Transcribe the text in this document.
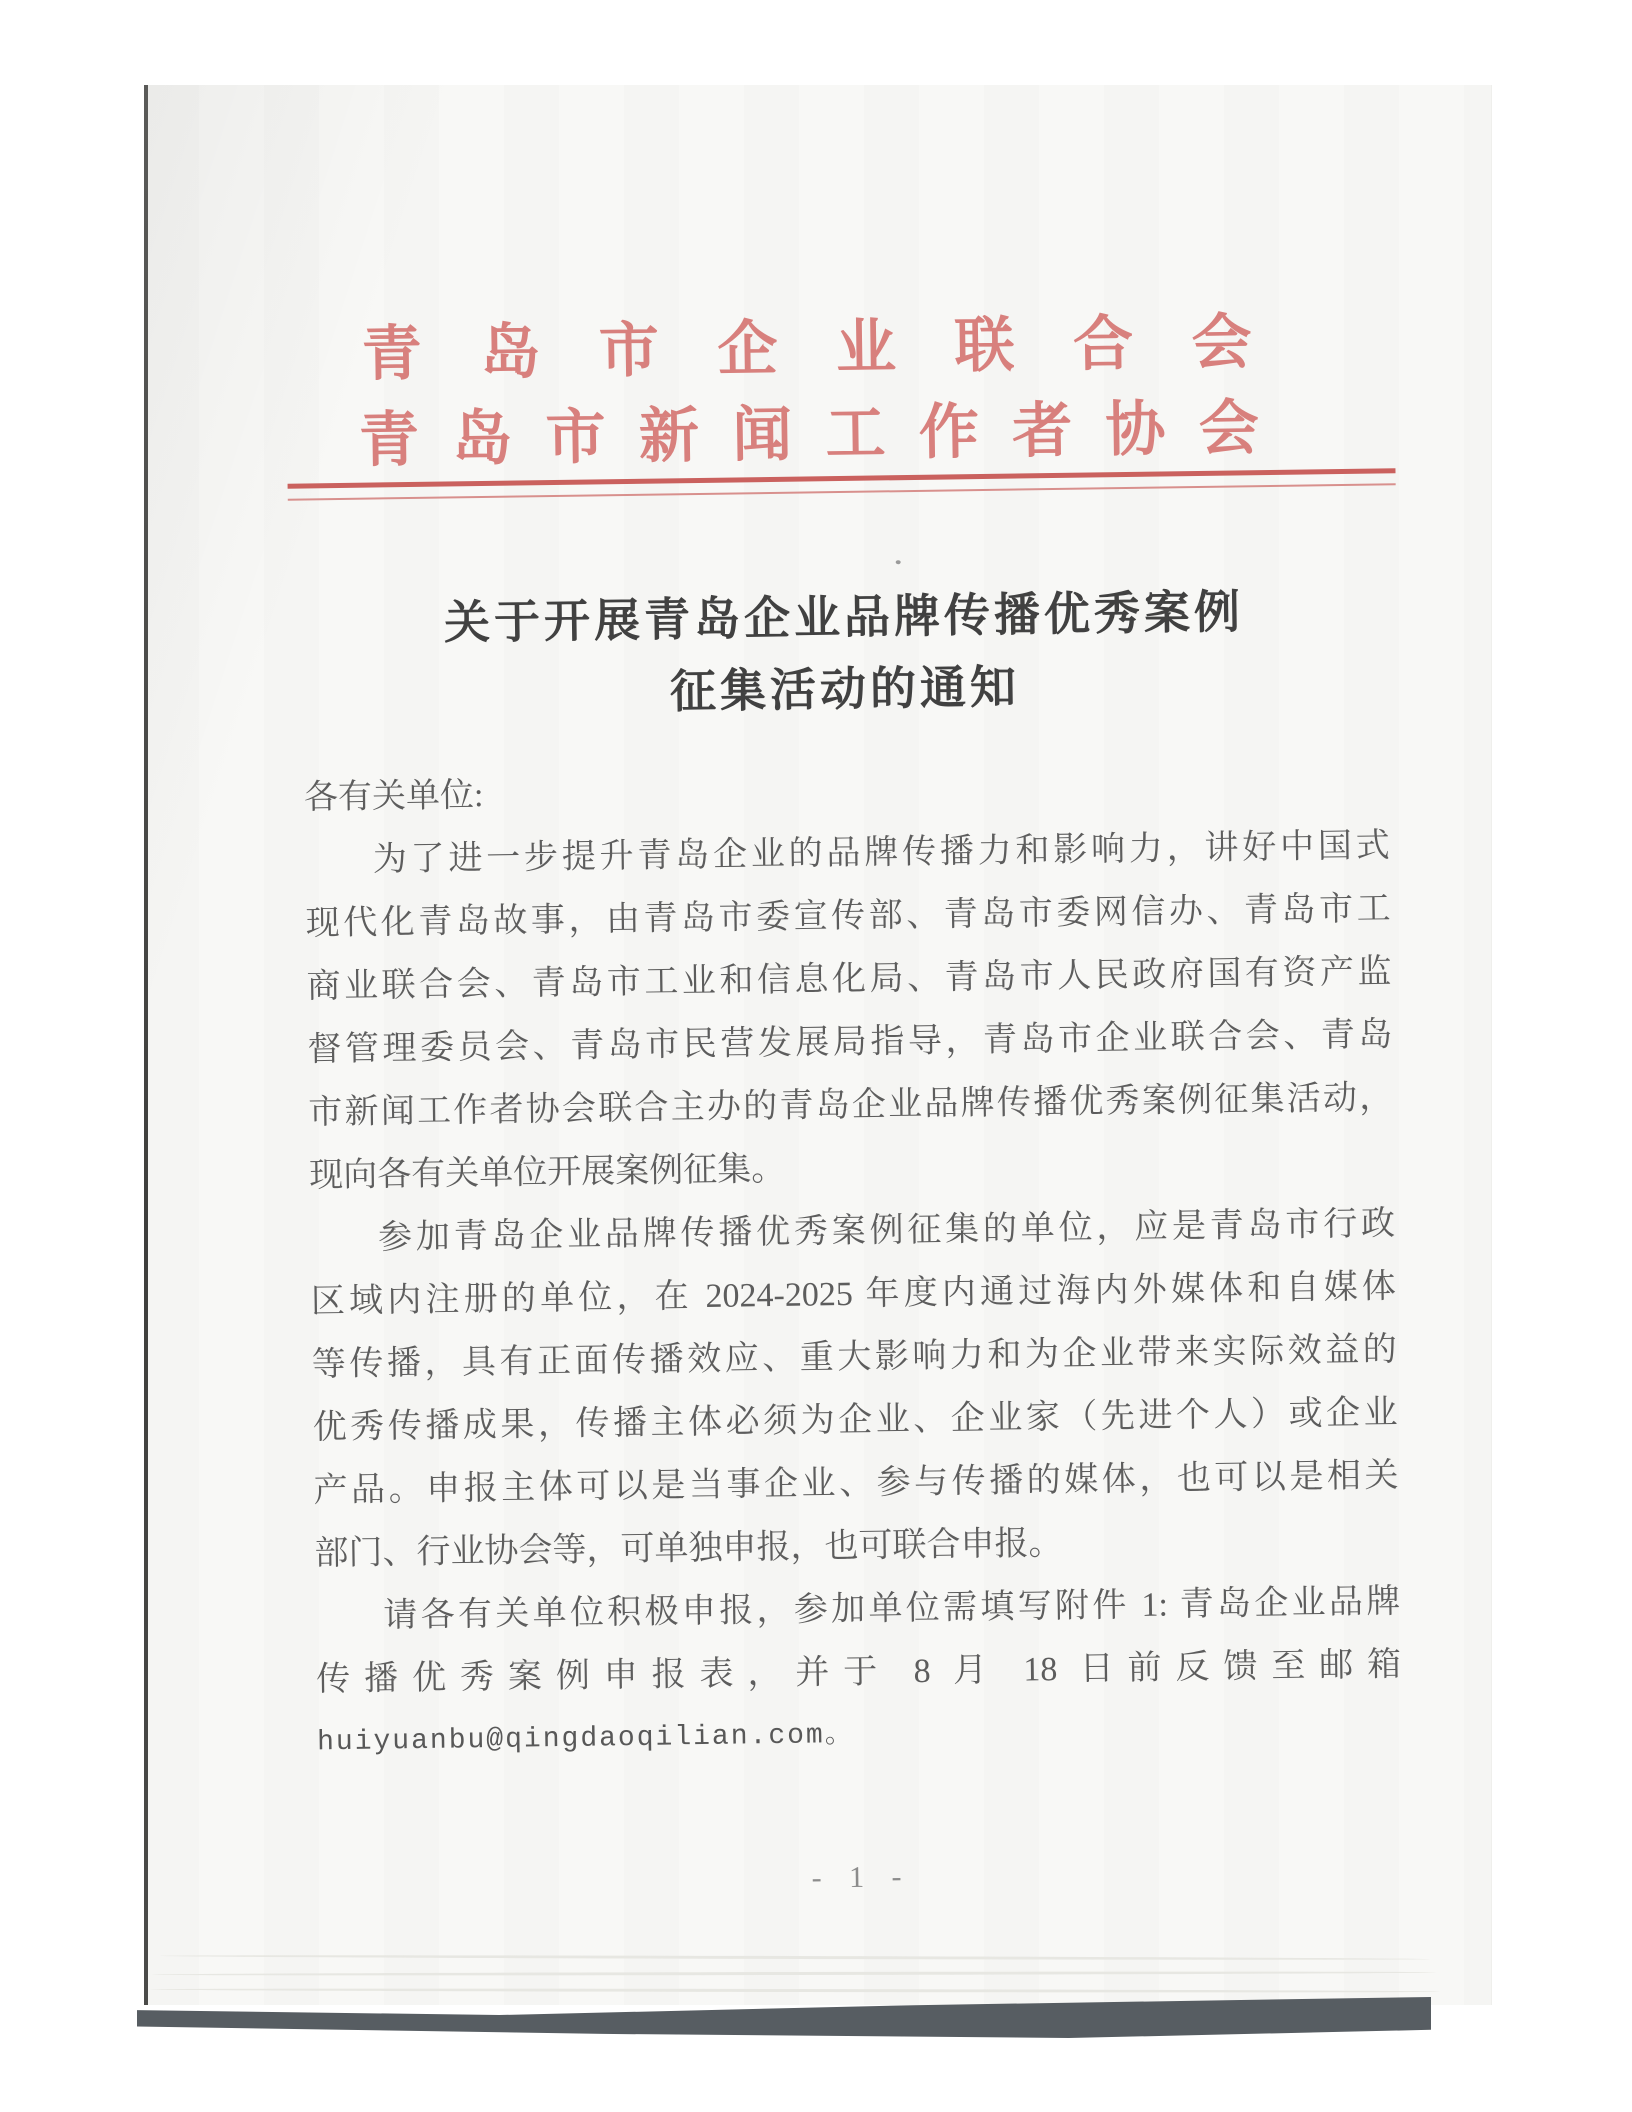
青 岛 市 企 业 联 合 会
青 岛 市 新 闻 工 作 者 协 会
关于开展青岛企业品牌传播优秀案例
征集活动的通知
各有关单位:
为了进一步提升青岛企业的品牌传播力和影响力，讲好中国式
现代化青岛故事，由青岛市委宣传部、青岛市委网信办、青岛市工
商业联合会、青岛市工业和信息化局、青岛市人民政府国有资产监
督管理委员会、青岛市民营发展局指导，青岛市企业联合会、青岛
市新闻工作者协会联合主办的青岛企业品牌传播优秀案例征集活动，
现向各有关单位开展案例征集。
参加青岛企业品牌传播优秀案例征集的单位，应是青岛市行政
区域内注册的单位，在 2024-2025 年度内通过海内外媒体和自媒体
等传播，具有正面传播效应、重大影响力和为企业带来实际效益的
优秀传播成果，传播主体必须为企业、企业家（先进个人）或企业
产品。申报主体可以是当事企业、参与传播的媒体，也可以是相关
部门、行业协会等，可单独申报，也可联合申报。
请各有关单位积极申报，参加单位需填写附件 1: 青岛企业品牌
传播优秀案例申报表，并于 8 月 18 日前反馈至邮箱
huiyuanbu@qingdaoqilian.com。
- 1 -
